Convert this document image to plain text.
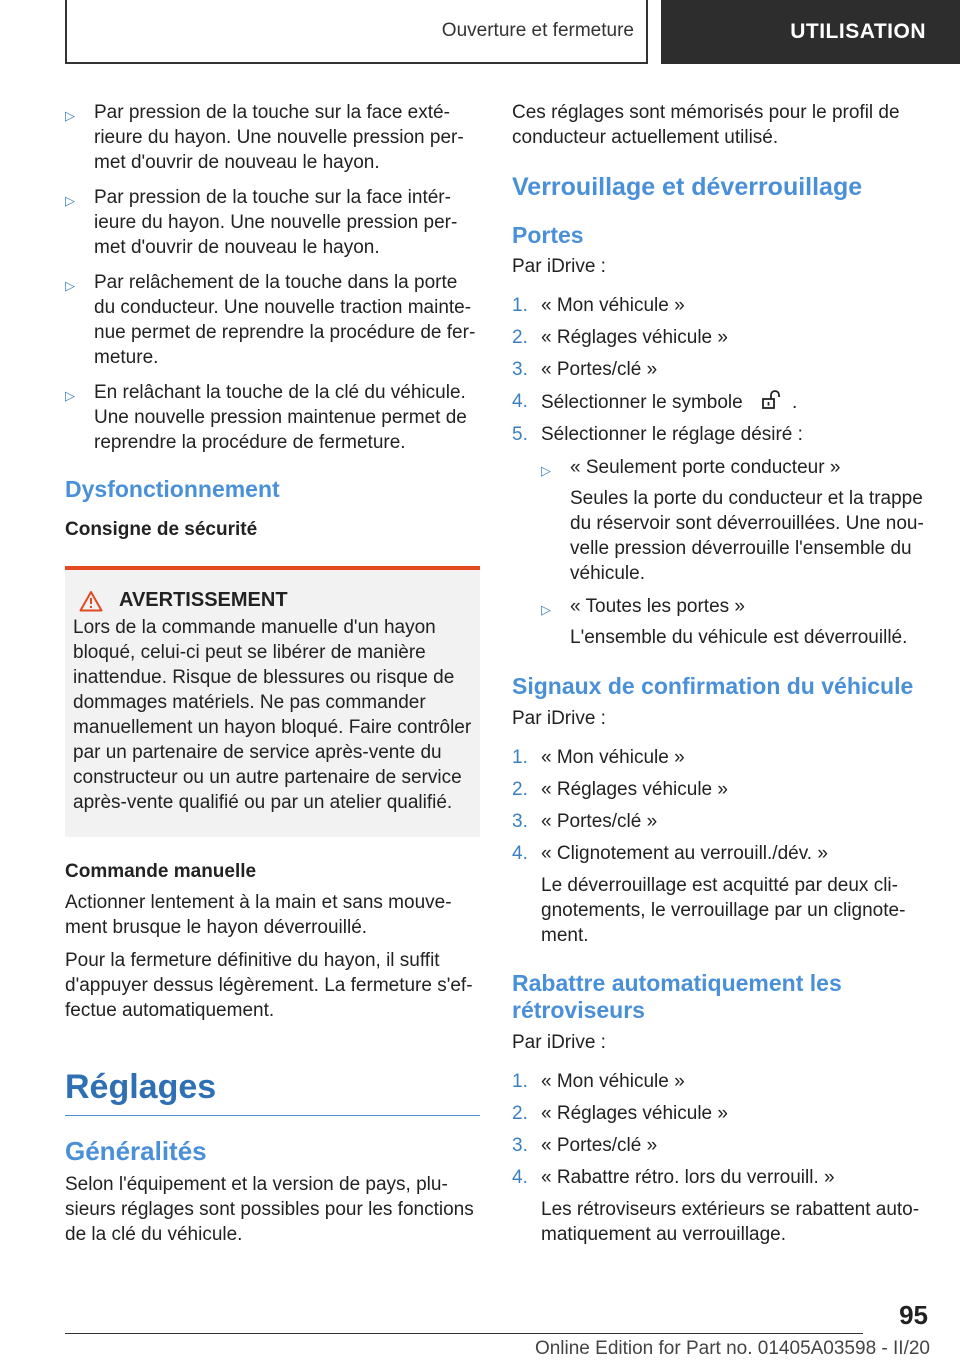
Ouverture et fermeture	UTILISATION
▷ Par pression de la touche sur la face extérieure du hayon. Une nouvelle pression permet d'ouvrir de nouveau le hayon.
▷ Par pression de la touche sur la face intérieure du hayon. Une nouvelle pression permet d'ouvrir de nouveau le hayon.
▷ Par relâchement de la touche dans la porte du conducteur. Une nouvelle traction maintenue permet de reprendre la procédure de fermeture.
▷ En relâchant la touche de la clé du véhicule. Une nouvelle pression maintenue permet de reprendre la procédure de fermeture.
Dysfonctionnement
Consigne de sécurité
AVERTISSEMENT
Lors de la commande manuelle d'un hayon bloqué, celui-ci peut se libérer de manière inattendue. Risque de blessures ou risque de dommages matériels. Ne pas commander manuellement un hayon bloqué. Faire contrôler par un partenaire de service après-vente du constructeur ou un autre partenaire de service après-vente qualifié ou par un atelier qualifié.
Commande manuelle
Actionner lentement à la main et sans mouvement brusque le hayon déverrouillé.
Pour la fermeture définitive du hayon, il suffit d'appuyer dessus légèrement. La fermeture s'effectue automatiquement.
Réglages
Généralités
Selon l'équipement et la version de pays, plusieurs réglages sont possibles pour les fonctions de la clé du véhicule.
Ces réglages sont mémorisés pour le profil de conducteur actuellement utilisé.
Verrouillage et déverrouillage
Portes
Par iDrive :
1. « Mon véhicule »
2. « Réglages véhicule »
3. « Portes/clé »
4. Sélectionner le symbole	.
5. Sélectionner le réglage désiré :
▷ « Seulement porte conducteur »
Seules la porte du conducteur et la trappe du réservoir sont déverrouillées. Une nouvelle pression déverrouille l'ensemble du véhicule.
▷ « Toutes les portes »
L'ensemble du véhicule est déverrouillé.
Signaux de confirmation du véhicule
Par iDrive :
1. « Mon véhicule »
2. « Réglages véhicule »
3. « Portes/clé »
4. « Clignotement au verrouill./dév. »
Le déverrouillage est acquitté par deux clignotements, le verrouillage par un clignotement.
Rabattre automatiquement les rétroviseurs
Par iDrive :
1. « Mon véhicule »
2. « Réglages véhicule »
3. « Portes/clé »
4. « Rabattre rétro. lors du verrouill. »
Les rétroviseurs extérieurs se rabattent automatiquement au verrouillage.
95
Online Edition for Part no. 01405A03598 - II/20
